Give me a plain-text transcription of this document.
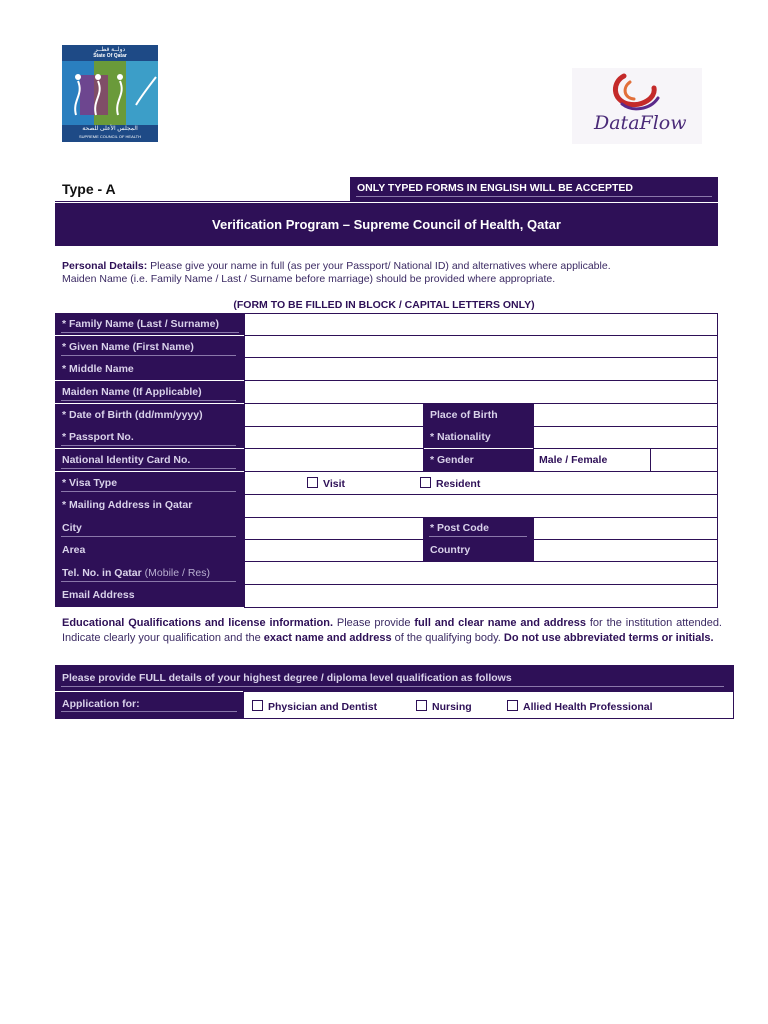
دولــة قطــر
State Of Qatar
المجلس الأعلى للصحة
SUPREME COUNCIL OF HEALTH
DataFlow
Type - A	ONLY TYPED FORMS IN ENGLISH WILL BE ACCEPTED
Verification Program – Supreme Council of Health, Qatar
Personal Details: Please give your name in full (as per your Passport/ National ID) and alternatives where applicable.
Maiden Name (i.e. Family Name / Last / Surname before marriage) should be provided where appropriate.
(FORM TO BE FILLED IN BLOCK / CAPITAL LETTERS ONLY)
* Family Name (Last / Surname)
* Given Name (First Name)
* Middle Name
Maiden Name (If Applicable)
* Date of Birth (dd/mm/yyyy)	Place of Birth
* Passport No.	* Nationality
National Identity Card No.	* Gender	Male / Female
* Visa Type	Visit	Resident
* Mailing Address in Qatar
City	* Post Code
Area	Country
Tel. No. in Qatar (Mobile / Res)
Email Address
Educational Qualifications and license information. Please provide full and clear name and address for the institution attended. Indicate clearly your qualification and the exact name and address of the qualifying body. Do not use abbreviated terms or initials.
Please provide FULL details of your highest degree / diploma level qualification as follows
Application for:	Physician and Dentist	Nursing	Allied Health Professional
